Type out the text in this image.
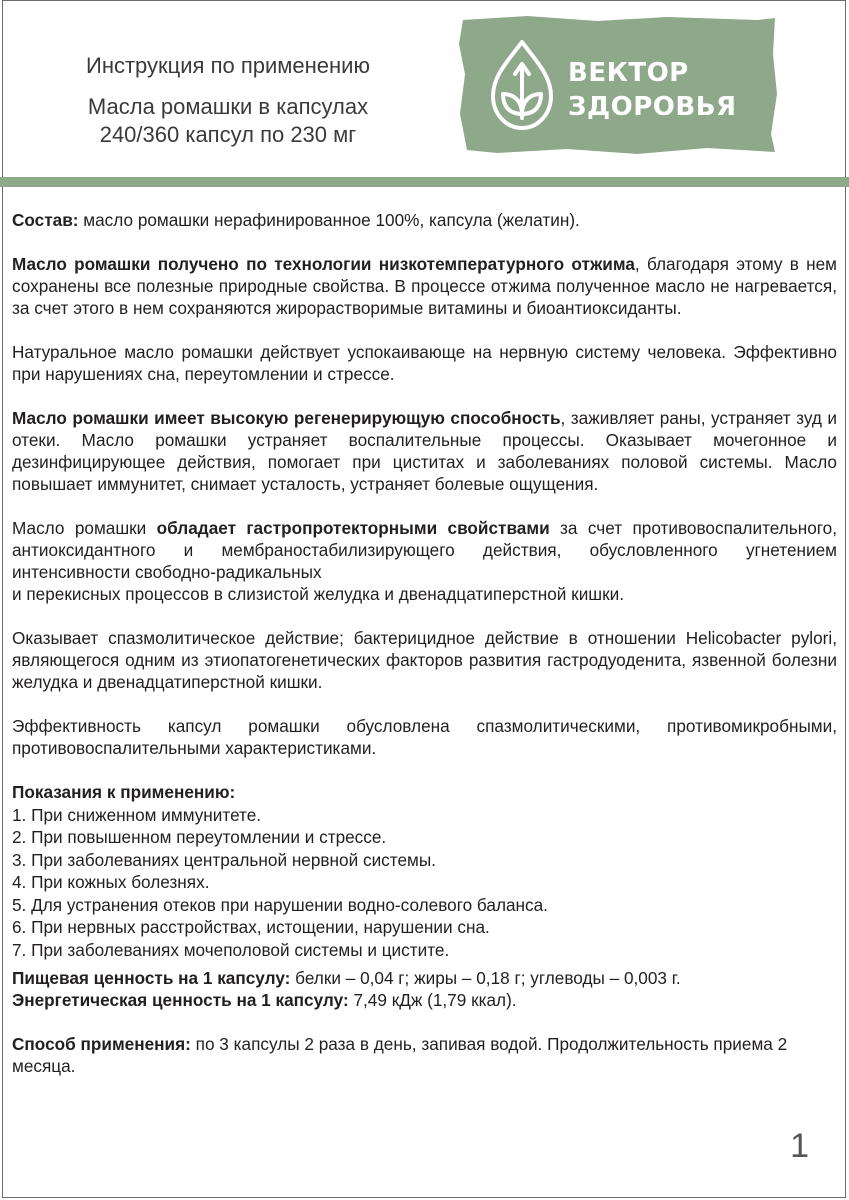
Инструкция по применению
Масла ромашки в капсулах
240/360 капсул по 230 мг
ВЕКТОР
ЗДОРОВЬЯ

Состав: масло ромашки нерафинированное 100%, капсула (желатин).

Масло ромашки получено по технологии низкотемпературного отжима, благодаря этому в нем сохранены все полезные природные свойства. В процессе отжима полученное масло не нагревается, за счет этого в нем сохраняются жирорастворимые витамины и биоантиоксиданты.

Натуральное масло ромашки действует успокаивающе на нервную систему человека. Эффективно при нарушениях сна, переутомлении и стрессе.

Масло ромашки имеет высокую регенерирующую способность, заживляет раны, устраняет зуд и отеки. Масло ромашки устраняет воспалительные процессы. Оказывает мочегонное и дезинфицирующее действия, помогает при циститах и заболеваниях половой системы. Масло повышает иммунитет, снимает усталость, устраняет болевые ощущения.

Масло ромашки обладает гастропротекторными свойствами за счет противовоспалительного, антиоксидантного и мембраностабилизирующего действия, обусловленного угнетением интенсивности свободно-радикальных
и перекисных процессов в слизистой желудка и двенадцатиперстной кишки.

Оказывает спазмолитическое действие; бактерицидное действие в отношении Helicobacter pylori, являющегося одним из этиопатогенетических факторов развития гастродуоденита, язвенной болезни желудка и двенадцатиперстной кишки.

Эффективность капсул ромашки обусловлена спазмолитическими, противомикробными, противовоспалительными характеристиками.

Показания к применению:
1. При сниженном иммунитете.
2. При повышенном переутомлении и стрессе.
3. При заболеваниях центральной нервной системы.
4. При кожных болезнях.
5. Для устранения отеков при нарушении водно-солевого баланса.
6. При нервных расстройствах, истощении, нарушении сна.
7. При заболеваниях мочеполовой системы и цистите.

Пищевая ценность на 1 капсулу: белки – 0,04 г; жиры – 0,18 г; углеводы – 0,003 г.

Энергетическая ценность на 1 капсулу: 7,49 кДж (1,79 ккал).

Способ применения: по 3 капсулы 2 раза в день, запивая водой. Продолжительность приема 2 месяца.

1
